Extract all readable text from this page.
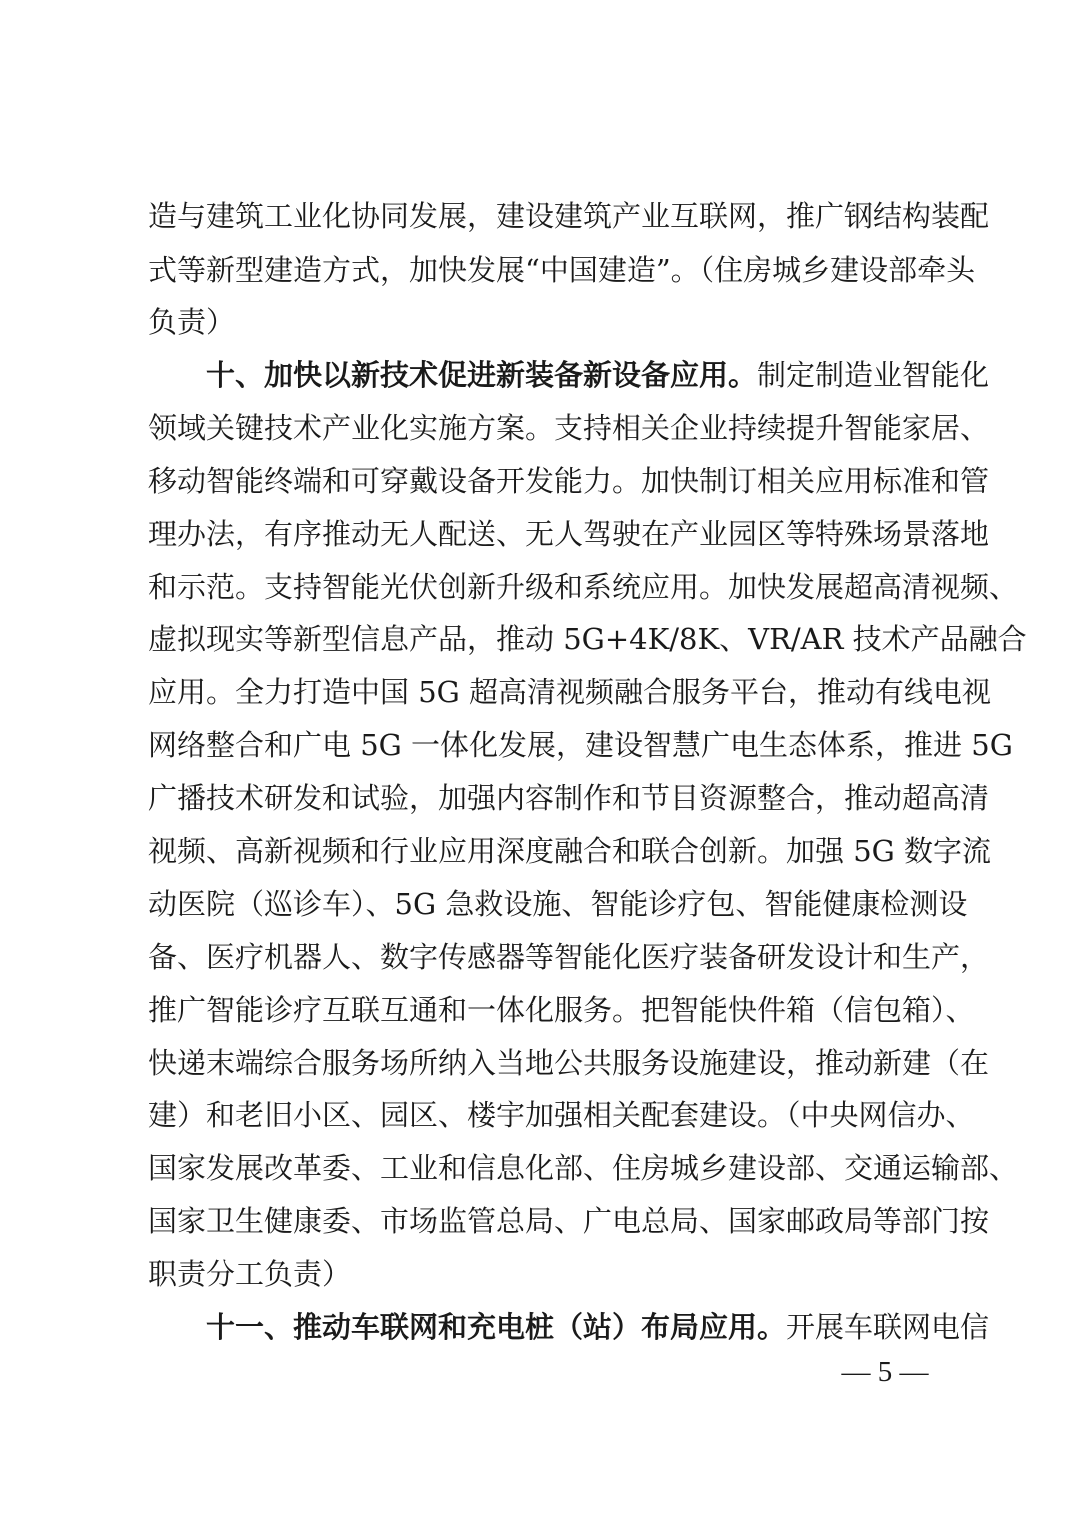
造与建筑工业化协同发展，建设建筑产业互联网，推广钢结构装配
式等新型建造方式，加快发展“中国建造”。（住房城乡建设部牵头
负责）
十、加快以新技术促进新装备新设备应用。制定制造业智能化
领域关键技术产业化实施方案。支持相关企业持续提升智能家居、
移动智能终端和可穿戴设备开发能力。加快制订相关应用标准和管
理办法，有序推动无人配送、无人驾驶在产业园区等特殊场景落地
和示范。支持智能光伏创新升级和系统应用。加快发展超高清视频、
虚拟现实等新型信息产品，推动 5G+4K/8K、VR/AR 技术产品融合
应用。全力打造中国 5G 超高清视频融合服务平台，推动有线电视
网络整合和广电 5G 一体化发展，建设智慧广电生态体系，推进 5G
广播技术研发和试验，加强内容制作和节目资源整合，推动超高清
视频、高新视频和行业应用深度融合和联合创新。加强 5G 数字流
动医院（巡诊车）、5G 急救设施、智能诊疗包、智能健康检测设
备、医疗机器人、数字传感器等智能化医疗装备研发设计和生产，
推广智能诊疗互联互通和一体化服务。把智能快件箱（信包箱）、
快递末端综合服务场所纳入当地公共服务设施建设，推动新建（在
建）和老旧小区、园区、楼宇加强相关配套建设。（中央网信办、
国家发展改革委、工业和信息化部、住房城乡建设部、交通运输部、
国家卫生健康委、市场监管总局、广电总局、国家邮政局等部门按
职责分工负责）
十一、推动车联网和充电桩（站）布局应用。开展车联网电信
— 5 —
